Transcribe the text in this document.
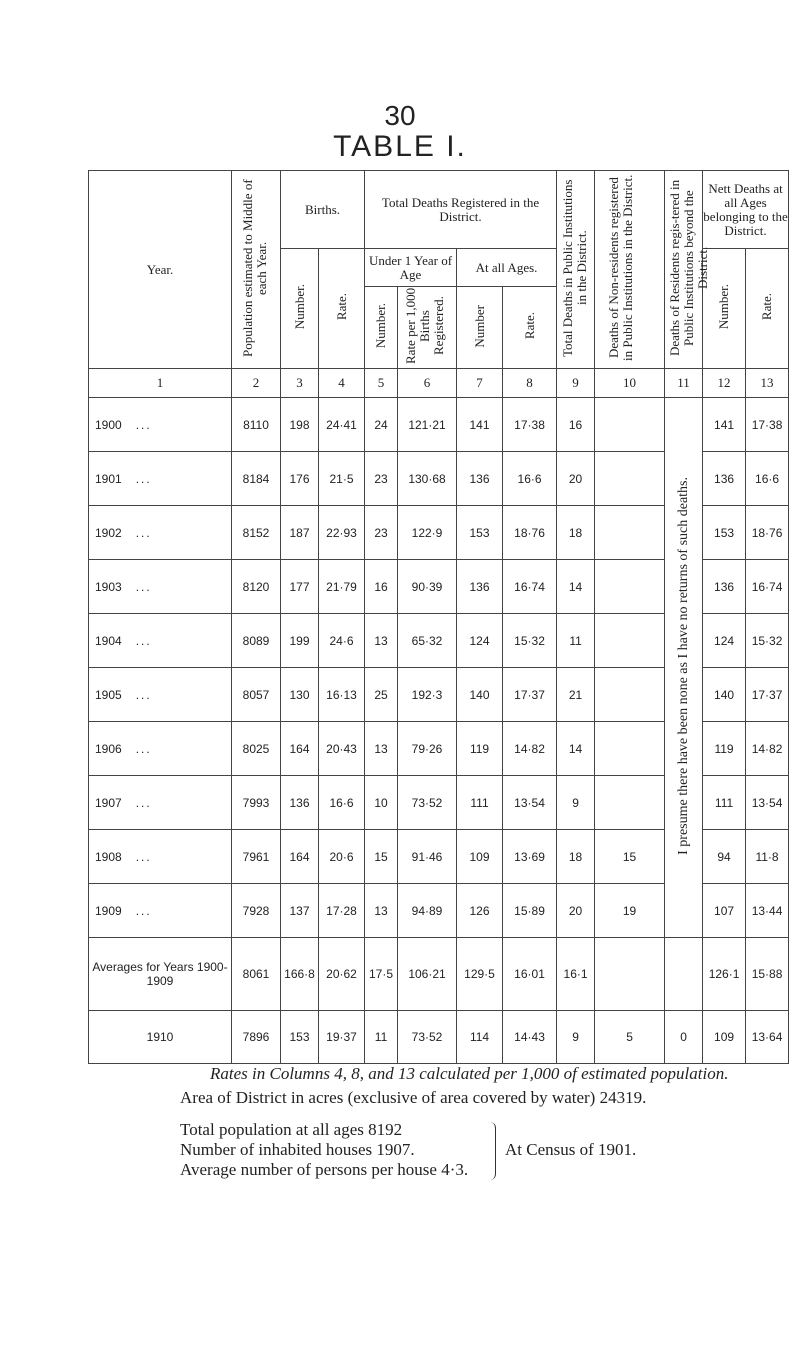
30
TABLE I.
Year.	Population estimated to Middle of each Year.	Births.		Total Deaths Registered in the District.				Total Deaths in Public Institutions in the District.	Deaths of Non-residents registered in Public Institutions in the District.	Deaths of Residents regis-tered in Public Institutions beyond the District.	Nett Deaths at all Ages belonging to the District.	
		Number.	Rate.	Under 1 Year of Age		At all Ages.					Number.	Rate.
				Number.	Rate per 1,000 Births Registered.	Number	Rate.					
1	2	3	4	5	6	7	8	9	10	11	12	13
1900 ...	8110	198	24·41	24	121·21	141	17·38	16		I presume there have been none as I have no returns of such deaths.	141	17·38
1901 ...	8184	176	21·5	23	130·68	136	16·6	20			136	16·6
1902 ...	8152	187	22·93	23	122·9	153	18·76	18			153	18·76
1903 ...	8120	177	21·79	16	90·39	136	16·74	14			136	16·74
1904 ...	8089	199	24·6	13	65·32	124	15·32	11			124	15·32
1905 ...	8057	130	16·13	25	192·3	140	17·37	21			140	17·37
1906 ...	8025	164	20·43	13	79·26	119	14·82	14			119	14·82
1907 ...	7993	136	16·6	10	73·52	111	13·54	9			111	13·54
1908 ...	7961	164	20·6	15	91·46	109	13·69	18	15		94	11·8
1909 ...	7928	137	17·28	13	94·89	126	15·89	20	19		107	13·44
Averages for Years 1900-1909	8061	166·8	20·62	17·5	106·21	129·5	16·01	16·1			126·1	15·88
1910	7896	153	19·37	11	73·52	114	14·43	9	5	0	109	13·64
Rates in Columns 4, 8, and 13 calculated per 1,000 of estimated population.
Area of District in acres (exclusive of area covered by water) 24319.
Total population at all ages 8192
Number of inhabited houses 1907.
Average number of persons per house 4·3.
At Census of 1901.
